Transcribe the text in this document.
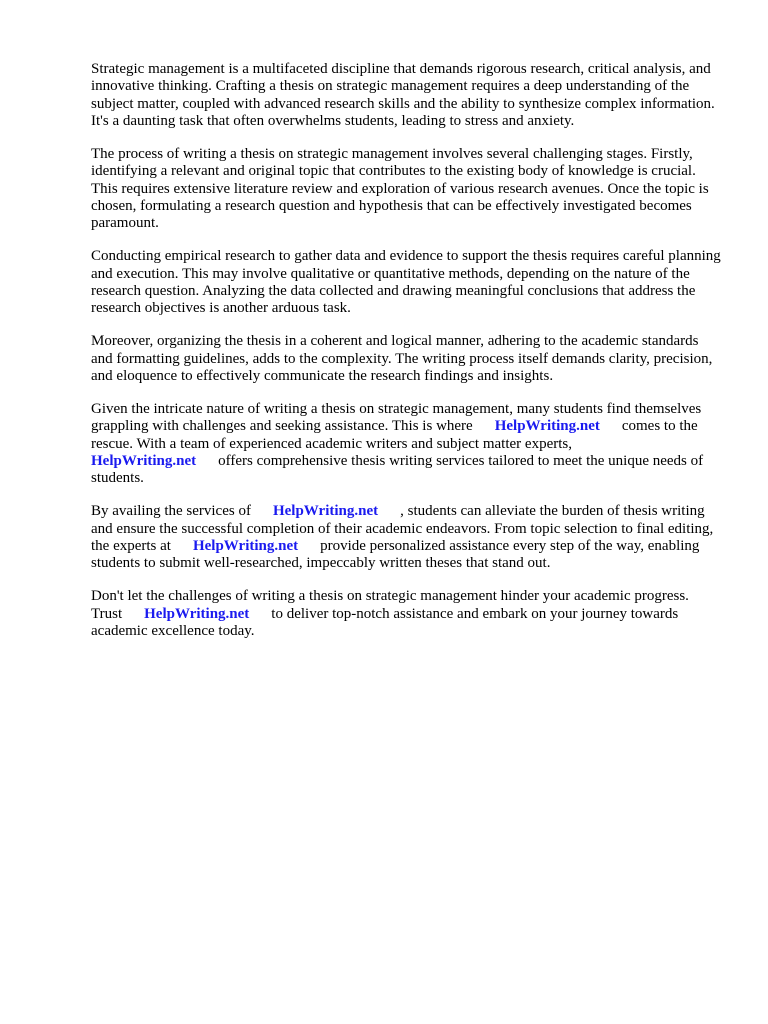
Strategic management is a multifaceted discipline that demands rigorous research, critical analysis, and innovative thinking. Crafting a thesis on strategic management requires a deep understanding of the subject matter, coupled with advanced research skills and the ability to synthesize complex information. It's a daunting task that often overwhelms students, leading to stress and anxiety.

The process of writing a thesis on strategic management involves several challenging stages. Firstly, identifying a relevant and original topic that contributes to the existing body of knowledge is crucial. This requires extensive literature review and exploration of various research avenues. Once the topic is chosen, formulating a research question and hypothesis that can be effectively investigated becomes paramount.

Conducting empirical research to gather data and evidence to support the thesis requires careful planning and execution. This may involve qualitative or quantitative methods, depending on the nature of the research question. Analyzing the data collected and drawing meaningful conclusions that address the research objectives is another arduous task.

Moreover, organizing the thesis in a coherent and logical manner, adhering to the academic standards and formatting guidelines, adds to the complexity. The writing process itself demands clarity, precision, and eloquence to effectively communicate the research findings and insights.

Given the intricate nature of writing a thesis on strategic management, many students find themselves grappling with challenges and seeking assistance. This is where HelpWriting.net comes to the rescue. With a team of experienced academic writers and subject matter experts, HelpWriting.net offers comprehensive thesis writing services tailored to meet the unique needs of students.

By availing the services of HelpWriting.net , students can alleviate the burden of thesis writing and ensure the successful completion of their academic endeavors. From topic selection to final editing, the experts at HelpWriting.net provide personalized assistance every step of the way, enabling students to submit well-researched, impeccably written theses that stand out.

Don't let the challenges of writing a thesis on strategic management hinder your academic progress. Trust HelpWriting.net to deliver top-notch assistance and embark on your journey towards academic excellence today.
